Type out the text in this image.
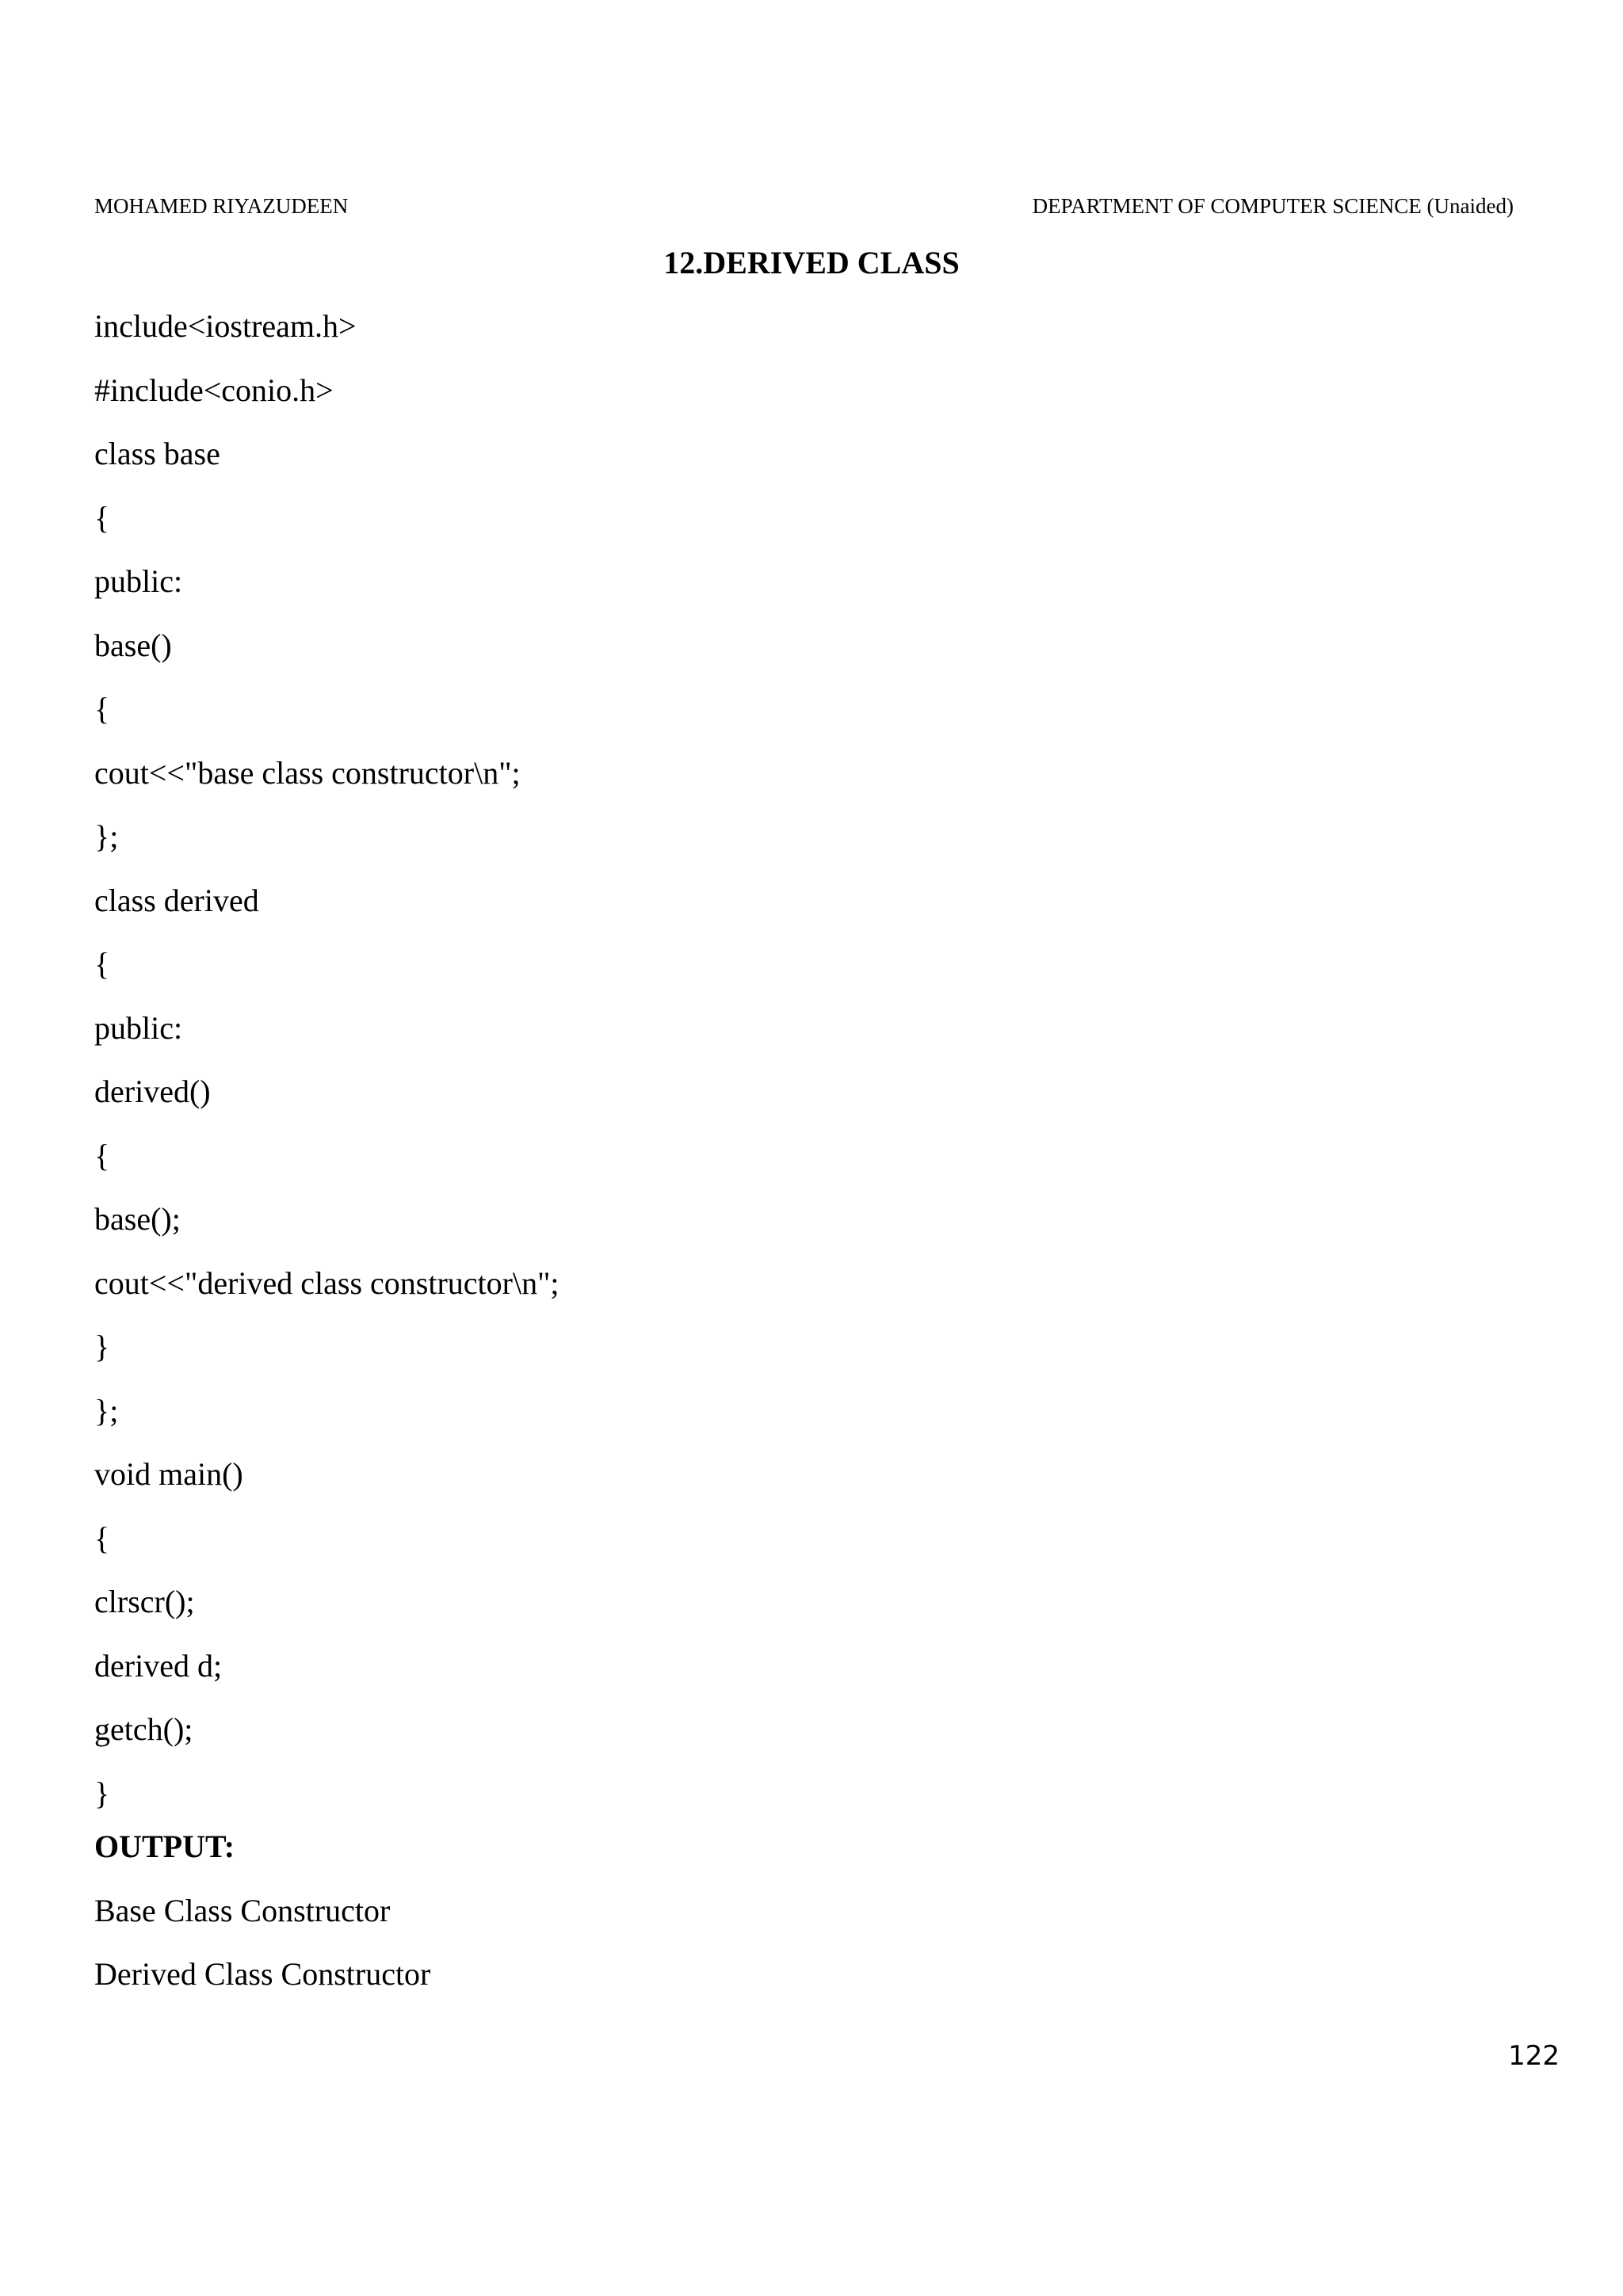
MOHAMED RIYAZUDEEN	DEPARTMENT OF COMPUTER SCIENCE (Unaided)
12.DERIVED CLASS
include<iostream.h>
#include<conio.h>
class base
{
public:
base()
{
cout<<"base class constructor\n";
};
class derived
{
public:
derived()
{
base();
cout<<"derived class constructor\n";
}
};
void main()
{
clrscr();
derived d;
getch();
}
OUTPUT:
Base Class Constructor
Derived Class Constructor
122
